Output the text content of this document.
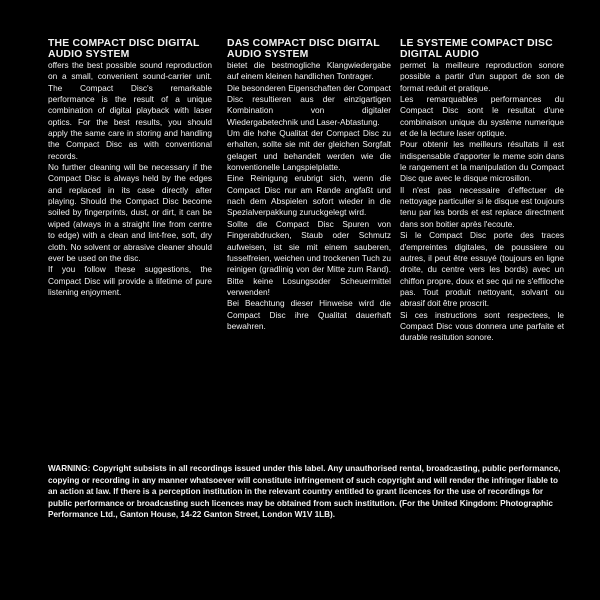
THE COMPACT DISC DIGITAL AUDIO SYSTEM

offers the best possible sound reproduction on a small, convenient sound-carrier unit. The Compact Disc's remarkable performance is the result of a unique combination of digital playback with laser optics. For the best results, you should apply the same care in storing and handling the Compact Disc as with conventional records.

No further cleaning will be necessary if the Compact Disc is always held by the edges and replaced in its case directly after playing. Should the Compact Disc become soiled by fingerprints, dust, or dirt, it can be wiped (always in a straight line from centre to edge) with a clean and lint-free, soft, dry cloth. No solvent or abrasive cleaner should ever be used on the disc.

If you follow these suggestions, the Compact Disc will provide a lifetime of pure listening enjoyment.

DAS COMPACT DISC DIGITAL AUDIO SYSTEM

bietet die bestmogliche Klangwiedergabe auf einem kleinen handlichen Tontrager.

Die besonderen Eigenschaften der Compact Disc resultieren aus der einzigartigen Kombination von digitaler Wiedergabetechnik und Laser-Abtastung.

Um die hohe Qualitat der Compact Disc zu erhalten, sollte sie mit der gleichen Sorgfalt gelagert und behandelt werden wie die konventionelle Langspielplatte.

Eine Reinigung erubrigt sich, wenn die Compact Disc nur am Rande angfaßt und nach dem Abspielen sofort wieder in die Spezialverpakkung zuruckgelegt wird.

Sollte die Compact Disc Spuren von Fingerabdrucken, Staub oder Schmutz aufweisen, ist sie mit einem sauberen, fusselfreien, weichen und trockenen Tuch zu reinigen (gradlinig von der Mitte zum Rand). Bitte keine Losungsoder Scheuermittel verwenden!

Bei Beachtung dieser Hinweise wird die Compact Disc ihre Qualitat dauerhaft bewahren.

LE SYSTEME COMPACT DISC DIGITAL AUDIO

permet la meilleure reproduction sonore possible a partir d'un support de son de format reduit et pratique.

Les remarquables performances du Compact Disc sont le resultat d'une combinaison unique du système numerique et de la lecture laser optique.

Pour obtenir les meilleurs résultats il est indispensable d'apporter le meme soin dans le rangement et la manipulation du Compact Disc que avec le disque microsillon.

Il n'est pas necessaire d'effectuer de nettoyage particulier si le disque est toujours tenu par les bords et est replace directment dans son boitier après l'ecoute.

Si le Compact Disc porte des traces d'empreintes digitales, de poussiere ou autres, il peut être essuyé (toujours en ligne droite, du centre vers les bords) avec un chiffon propre, doux et sec qui ne s'effiloche pas. Tout produit nettoyant, solvant ou abrasif doit être proscrit.

Si ces instructions sont respectees, le Compact Disc vous donnera une parfaite et durable resitution sonore.

WARNING: Copyright subsists in all recordings issued under this label. Any unauthorised rental, broadcasting, public performance, copying or recording in any manner whatsoever will constitute infringement of such copyright and will render the infringer liable to an action at law. If there is a perception institution in the relevant country entitled to grant licences for the use of recordings for public performance or broadcasting such licences may be obtained from such institution. (For the United Kingdom: Photographic Performance Ltd., Ganton House, 14-22 Ganton Street, London W1V 1LB).
